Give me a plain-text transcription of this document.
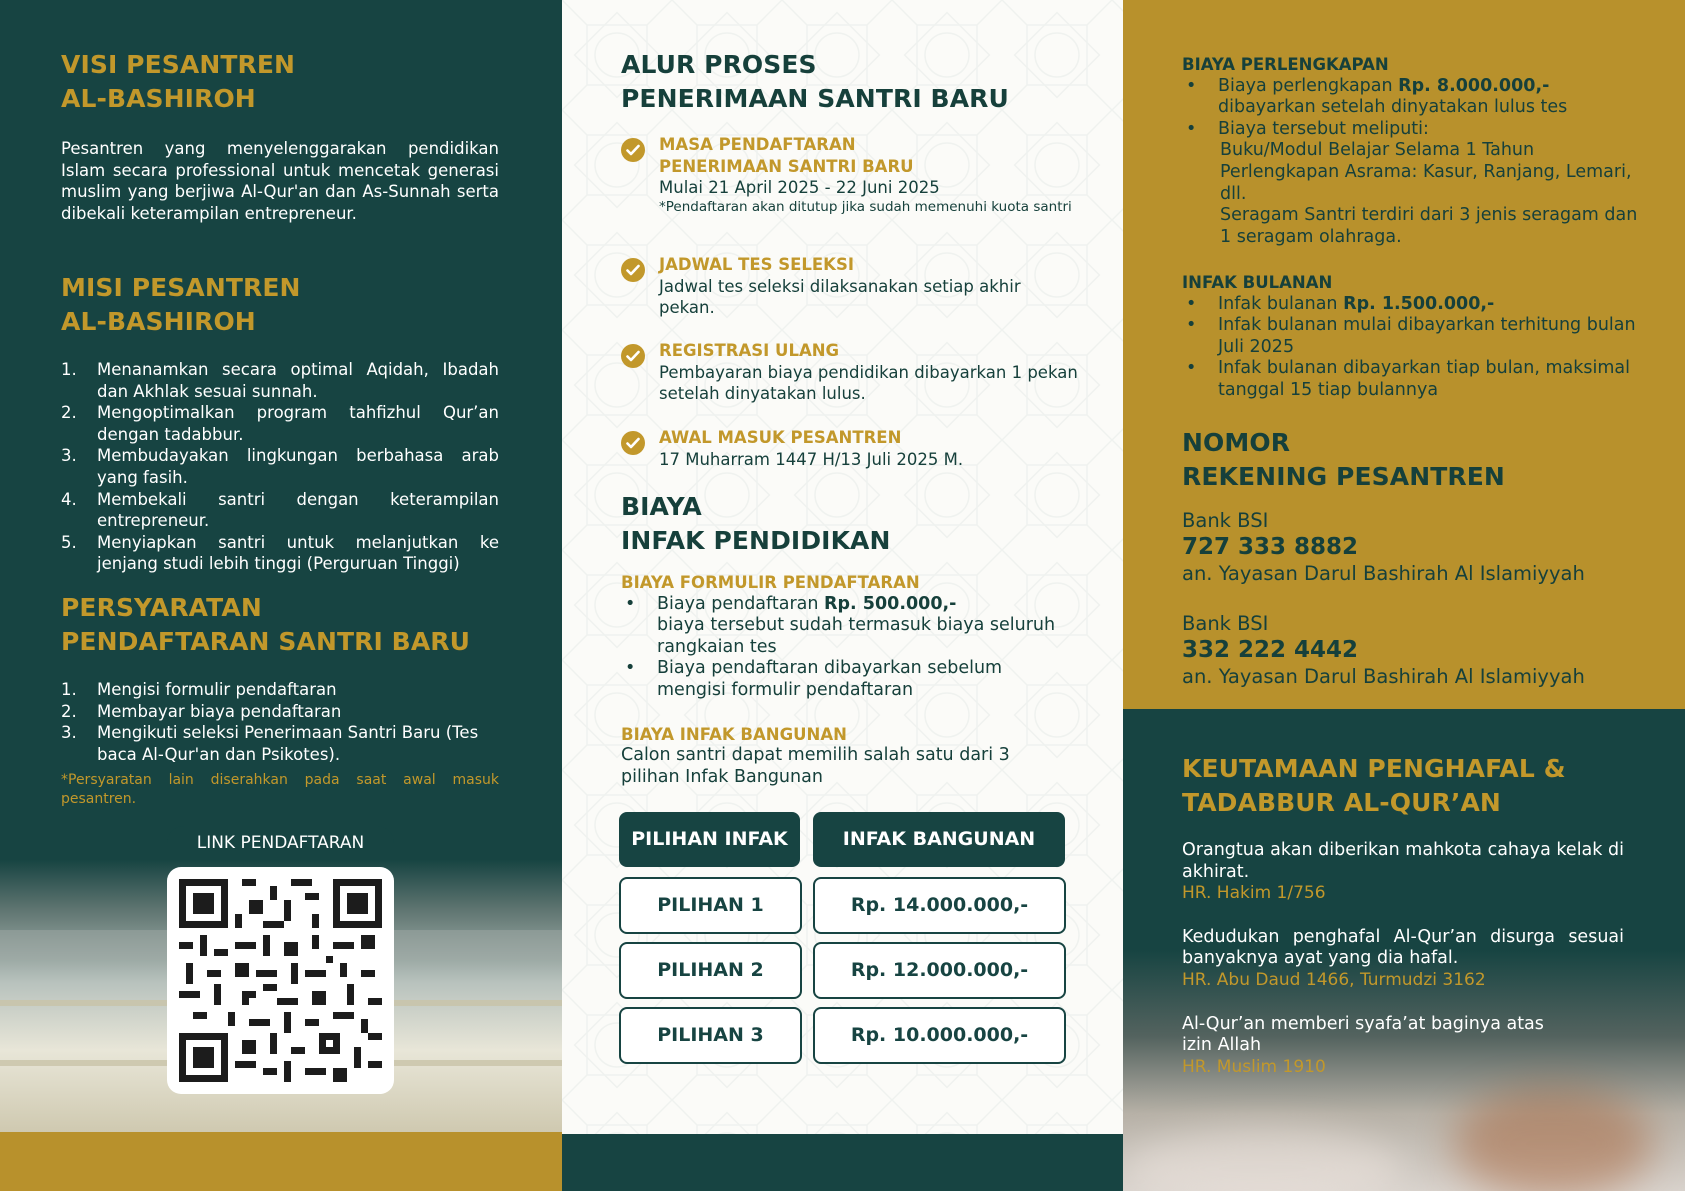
VISI PESANTREN
AL-BASHIROH

Pesantren yang menyelenggarakan pendidikan Islam secara professional untuk mencetak generasi muslim yang berjiwa Al-Qur'an dan As-Sunnah serta dibekali keterampilan entrepreneur.

MISI PESANTREN
AL-BASHIROH
1. Menanamkan secara optimal Aqidah, Ibadah dan Akhlak sesuai sunnah.
2. Mengoptimalkan program tahfizhul Qur’an dengan tadabbur.
3. Membudayakan lingkungan berbahasa arab yang fasih.
4. Membekali santri dengan keterampilan entrepreneur.
5. Menyiapkan santri untuk melanjutkan ke jenjang studi lebih tinggi (Perguruan Tinggi)
PERSYARATAN
PENDAFTARAN SANTRI BARU
1. Mengisi formulir pendaftaran
2. Membayar biaya pendaftaran
3. Mengikuti seleksi Penerimaan Santri Baru (Tes baca Al-Qur'an dan Psikotes).

*Persyaratan lain diserahkan pada saat awal masuk pesantren.

LINK PENDAFTARAN
ALUR PROSES
PENERIMAAN SANTRI BARU
MASA PENDAFTARAN
PENERIMAAN SANTRI BARU
Mulai 21 April 2025 - 22 Juni 2025
*Pendaftaran akan ditutup jika sudah memenuhi kuota santri
JADWAL TES SELEKSI
Jadwal tes seleksi dilaksanakan setiap akhir pekan.
REGISTRASI ULANG
Pembayaran biaya pendidikan dibayarkan 1 pekan setelah dinyatakan lulus.
AWAL MASUK PESANTREN
17 Muharram 1447 H/13 Juli 2025 M.
BIAYA
INFAK PENDIDIKAN
BIAYA FORMULIR PENDAFTARAN
• Biaya pendaftaran Rp. 500.000,-
biaya tersebut sudah termasuk biaya seluruh rangkaian tes
• Biaya pendaftaran dibayarkan sebelum mengisi formulir pendaftaran
BIAYA INFAK BANGUNAN

Calon santri dapat memilih salah satu dari 3 pilihan Infak Bangunan

PILIHAN INFAK	INFAK BANGUNAN
PILIHAN 1	Rp. 14.000.000,-
PILIHAN 2	Rp. 12.000.000,-
PILIHAN 3	Rp. 10.000.000,-
BIAYA PERLENGKAPAN
• Biaya perlengkapan Rp. 8.000.000,-
dibayarkan setelah dinyatakan lulus tes
• Biaya tersebut meliputi:
Buku/Modul Belajar Selama 1 Tahun
Perlengkapan Asrama: Kasur, Ranjang, Lemari, dll.
Seragam Santri terdiri dari 3 jenis seragam dan 1 seragam olahraga.
INFAK BULANAN
• Infak bulanan Rp. 1.500.000,-
• Infak bulanan mulai dibayarkan terhitung bulan Juli 2025
• Infak bulanan dibayarkan tiap bulan, maksimal tanggal 15 tiap bulannya
NOMOR
REKENING PESANTREN
Bank BSI
727 333 8882
an. Yayasan Darul Bashirah Al Islamiyyah
Bank BSI
332 222 4442
an. Yayasan Darul Bashirah Al Islamiyyah
KEUTAMAAN PENGHAFAL &
TADABBUR AL-QUR’AN

Orangtua akan diberikan mahkota cahaya kelak di akhirat.

HR. Hakim 1/756

Kedudukan penghafal Al-Qur’an disurga sesuai banyaknya ayat yang dia hafal.

HR. Abu Daud 1466, Turmudzi 3162

Al-Qur’an memberi syafa’at baginya atas izin Allah

HR. Muslim 1910
